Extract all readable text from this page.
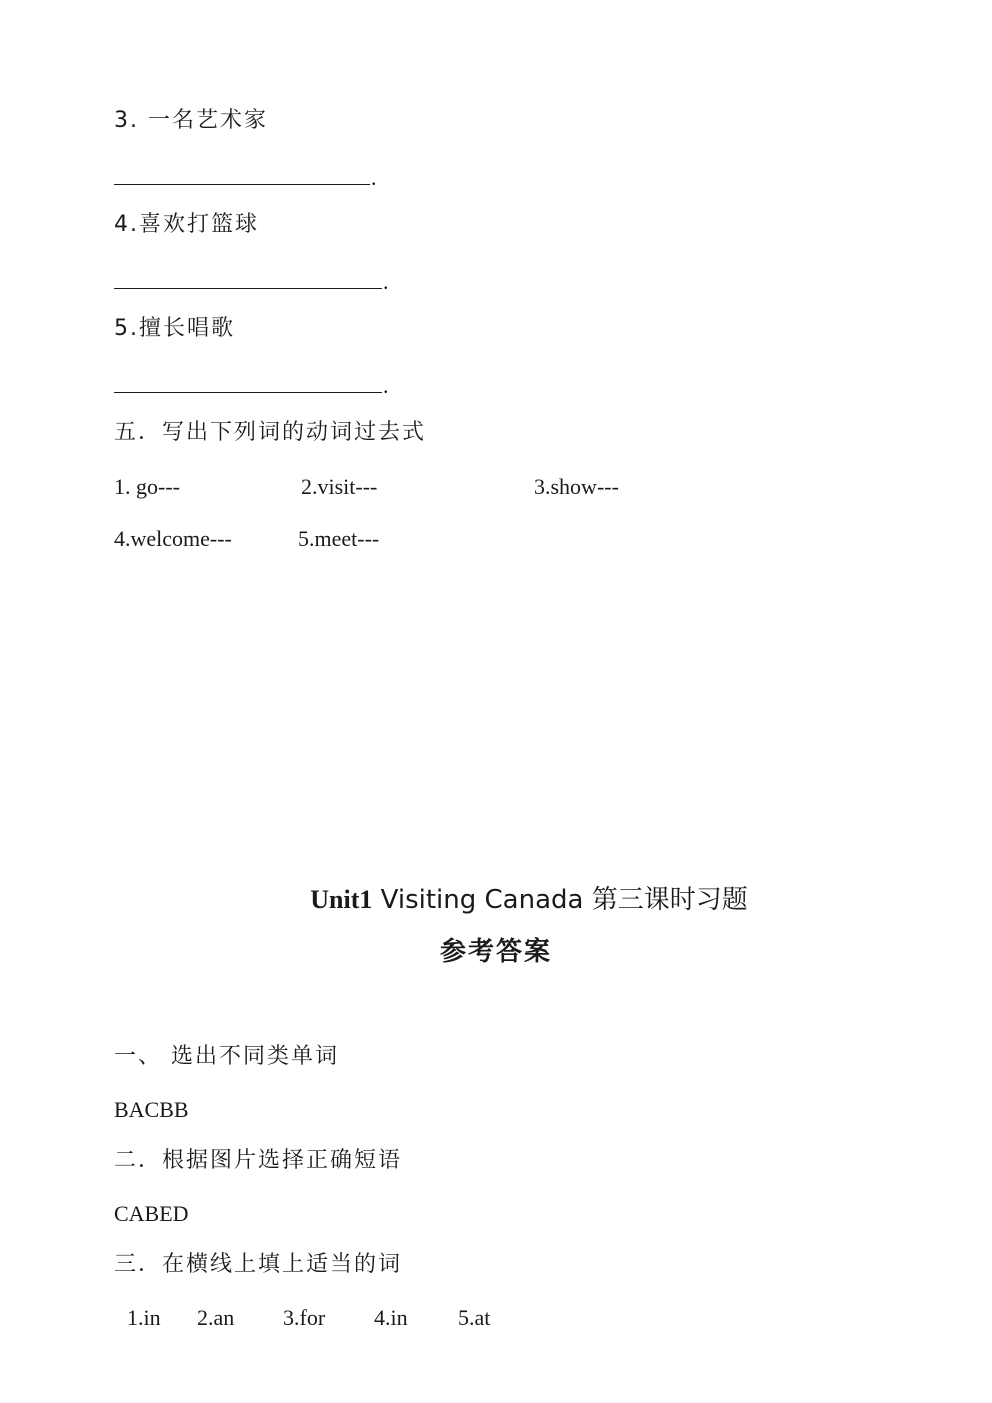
3. 一名艺术家
.
4.喜欢打篮球
.
5.擅长唱歌
.
五．写出下列词的动词过去式
1. go---	2.visit---	3.show---
4.welcome---	5.meet---
Unit1 Visiting Canada 第三课时习题
参考答案
一、 选出不同类单词
BACBB
二．根据图片选择正确短语
CABED
三．在横线上填上适当的词
1.in 2.an 3.for 4.in 5.at
